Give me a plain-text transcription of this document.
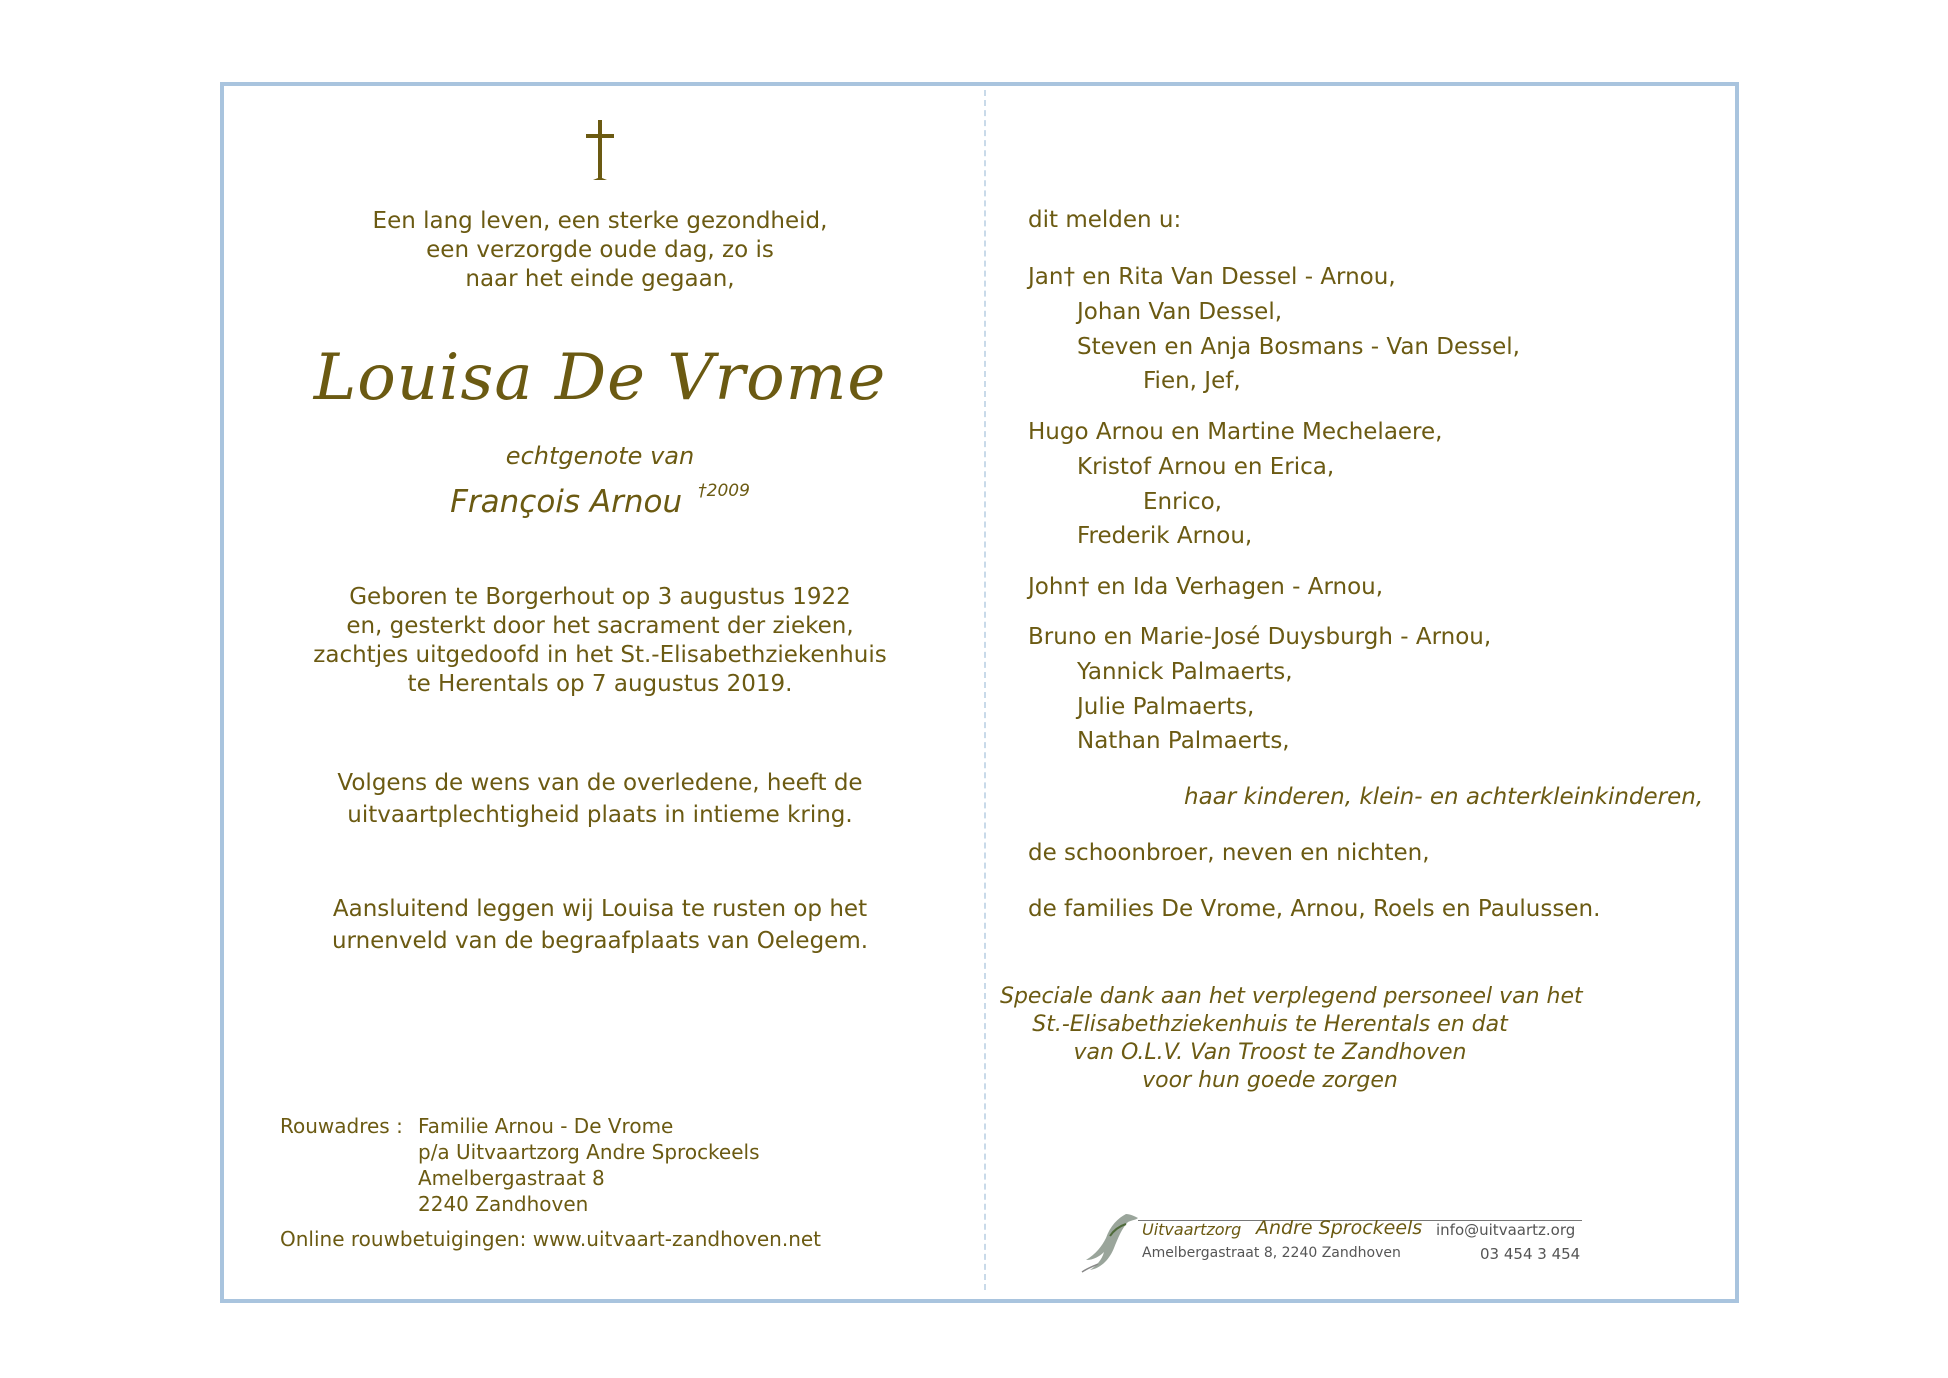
Een lang leven, een sterke gezondheid,
een verzorgde oude dag, zo is
naar het einde gegaan,
Louisa De Vrome
echtgenote van
François Arnou $^{\dagger 2009}$
Geboren te Borgerhout op 3 augustus 1922
en, gesterkt door het sacrament der zieken,
zachtjes uitgedoofd in het St.-Elisabethziekenhuis
te Herentals op 7 augustus 2019.
Volgens de wens van de overledene, heeft de
uitvaartplechtigheid plaats in intieme kring.
Aansluitend leggen wij Louisa te rusten op het
urnenveld van de begraafplaats van Oelegem.
Rouwadres : Familie Arnou - De Vrome
p/a Uitvaartzorg Andre Sprockeels
Amelbergastraat 8
2240 Zandhoven
Online rouwbetuigingen: www.uitvaart-zandhoven.net
dit melden u:
Jan† en Rita Van Dessel - Arnou,
Johan Van Dessel,
Steven en Anja Bosmans - Van Dessel,
Fien, Jef,
Hugo Arnou en Martine Mechelaere,
Kristof Arnou en Erica,
Enrico,
Frederik Arnou,
John† en Ida Verhagen - Arnou,
Bruno en Marie-José Duysburgh - Arnou,
Yannick Palmaerts,
Julie Palmaerts,
Nathan Palmaerts,
haar kinderen, klein- en achterkleinkinderen,
de schoonbroer, neven en nichten,
de families De Vrome, Arnou, Roels en Paulussen.
Speciale dank aan het verplegend personeel van het
St.-Elisabethziekenhuis te Herentals en dat
van O.L.V. Van Troost te Zandhoven
voor hun goede zorgen
Uitvaartzorg Andre Sprockeels info@uitvaartz.org
Amelbergastraat 8, 2240 Zandhoven	03 454 3 454
